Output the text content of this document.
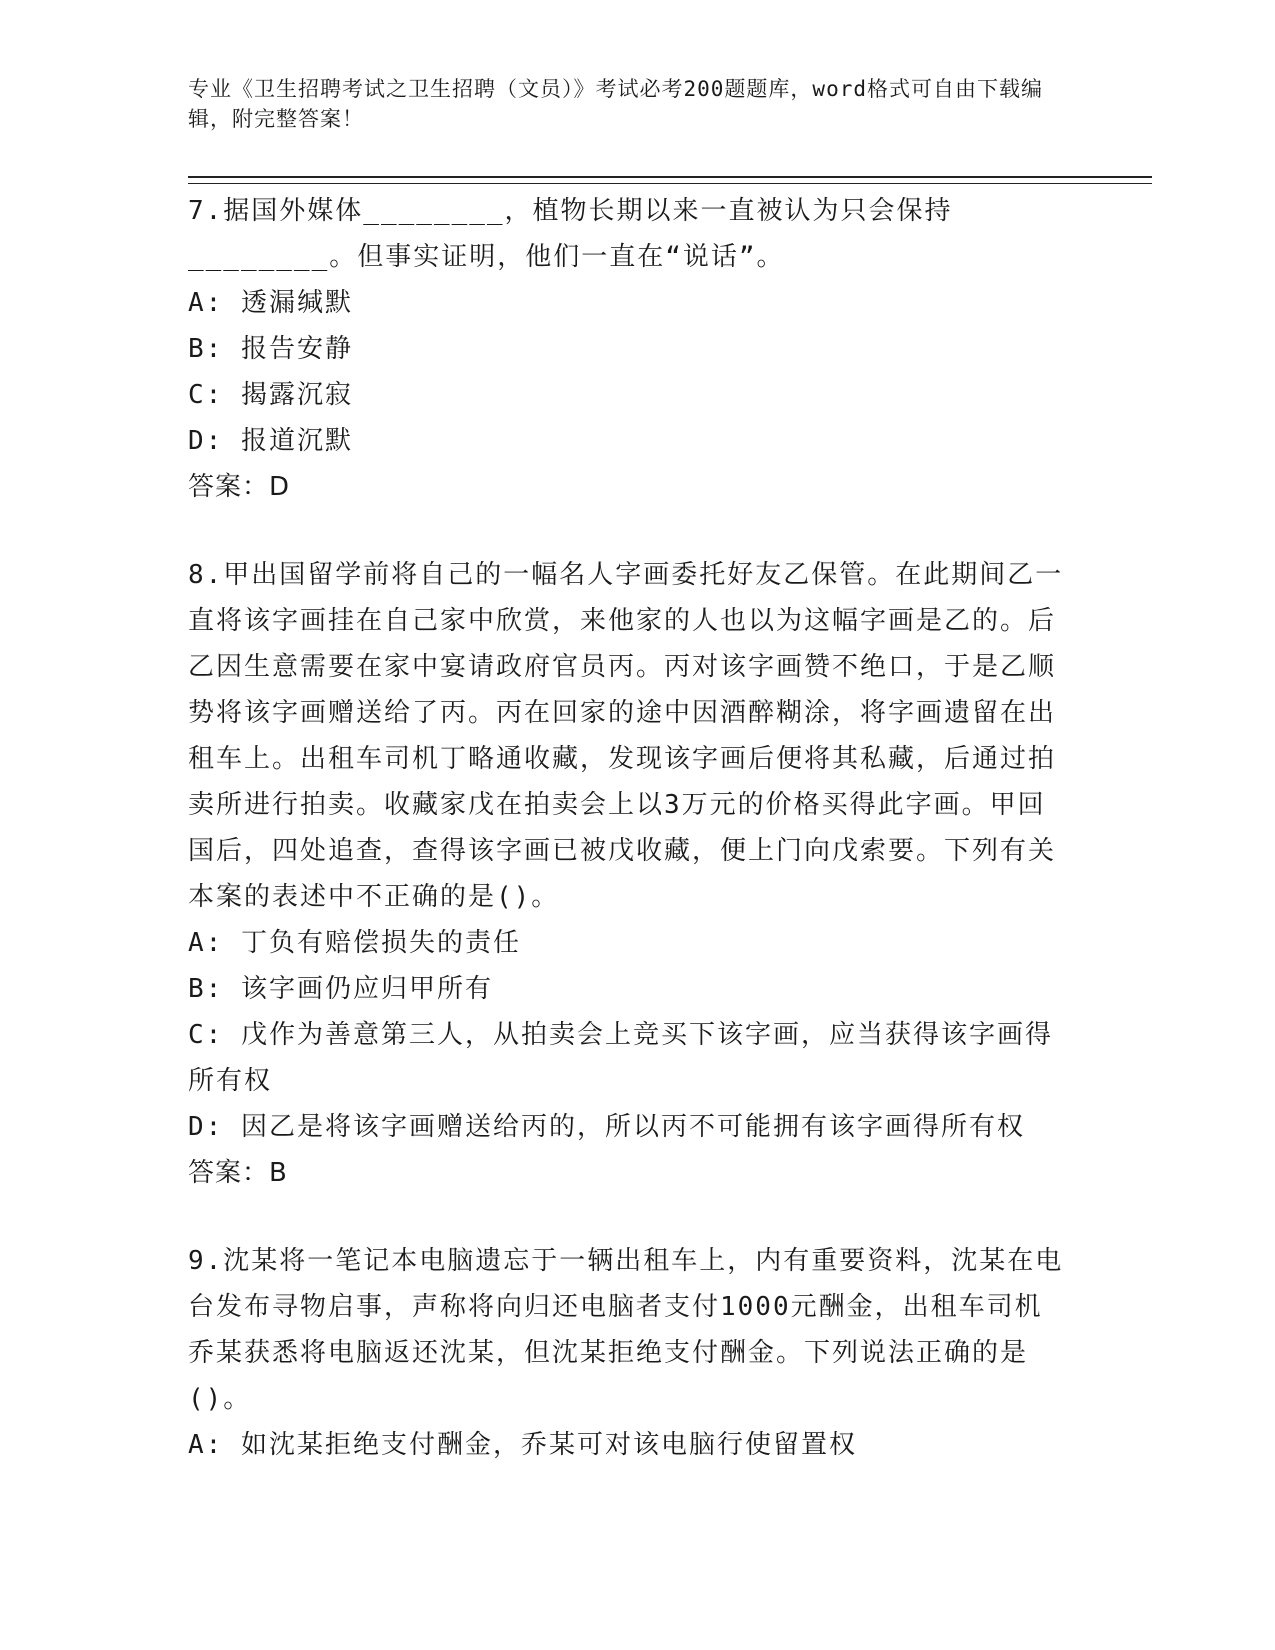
专业《卫生招聘考试之卫生招聘（文员）》考试必考200题题库，word格式可自由下载编辑，附完整答案！
7.据国外媒体________，植物长期以来一直被认为只会保持________。但事实证明，他们一直在“说话”。
A: 透漏缄默
B: 报告安静
C: 揭露沉寂
D: 报道沉默
答案：D
8.甲出国留学前将自己的一幅名人字画委托好友乙保管。在此期间乙一直将该字画挂在自己家中欣赏，来他家的人也以为这幅字画是乙的。后乙因生意需要在家中宴请政府官员丙。丙对该字画赞不绝口，于是乙顺势将该字画赠送给了丙。丙在回家的途中因酒醉糊涂，将字画遗留在出租车上。出租车司机丁略通收藏，发现该字画后便将其私藏，后通过拍卖所进行拍卖。收藏家戊在拍卖会上以3万元的价格买得此字画。甲回国后，四处追查，查得该字画已被戊收藏，便上门向戊索要。下列有关本案的表述中不正确的是()。
A: 丁负有赔偿损失的责任
B: 该字画仍应归甲所有
C: 戊作为善意第三人，从拍卖会上竞买下该字画，应当获得该字画得所有权
D: 因乙是将该字画赠送给丙的，所以丙不可能拥有该字画得所有权
答案：B
9.沈某将一笔记本电脑遗忘于一辆出租车上，内有重要资料，沈某在电台发布寻物启事，声称将向归还电脑者支付1000元酬金，出租车司机乔某获悉将电脑返还沈某，但沈某拒绝支付酬金。下列说法正确的是()。
A: 如沈某拒绝支付酬金，乔某可对该电脑行使留置权
